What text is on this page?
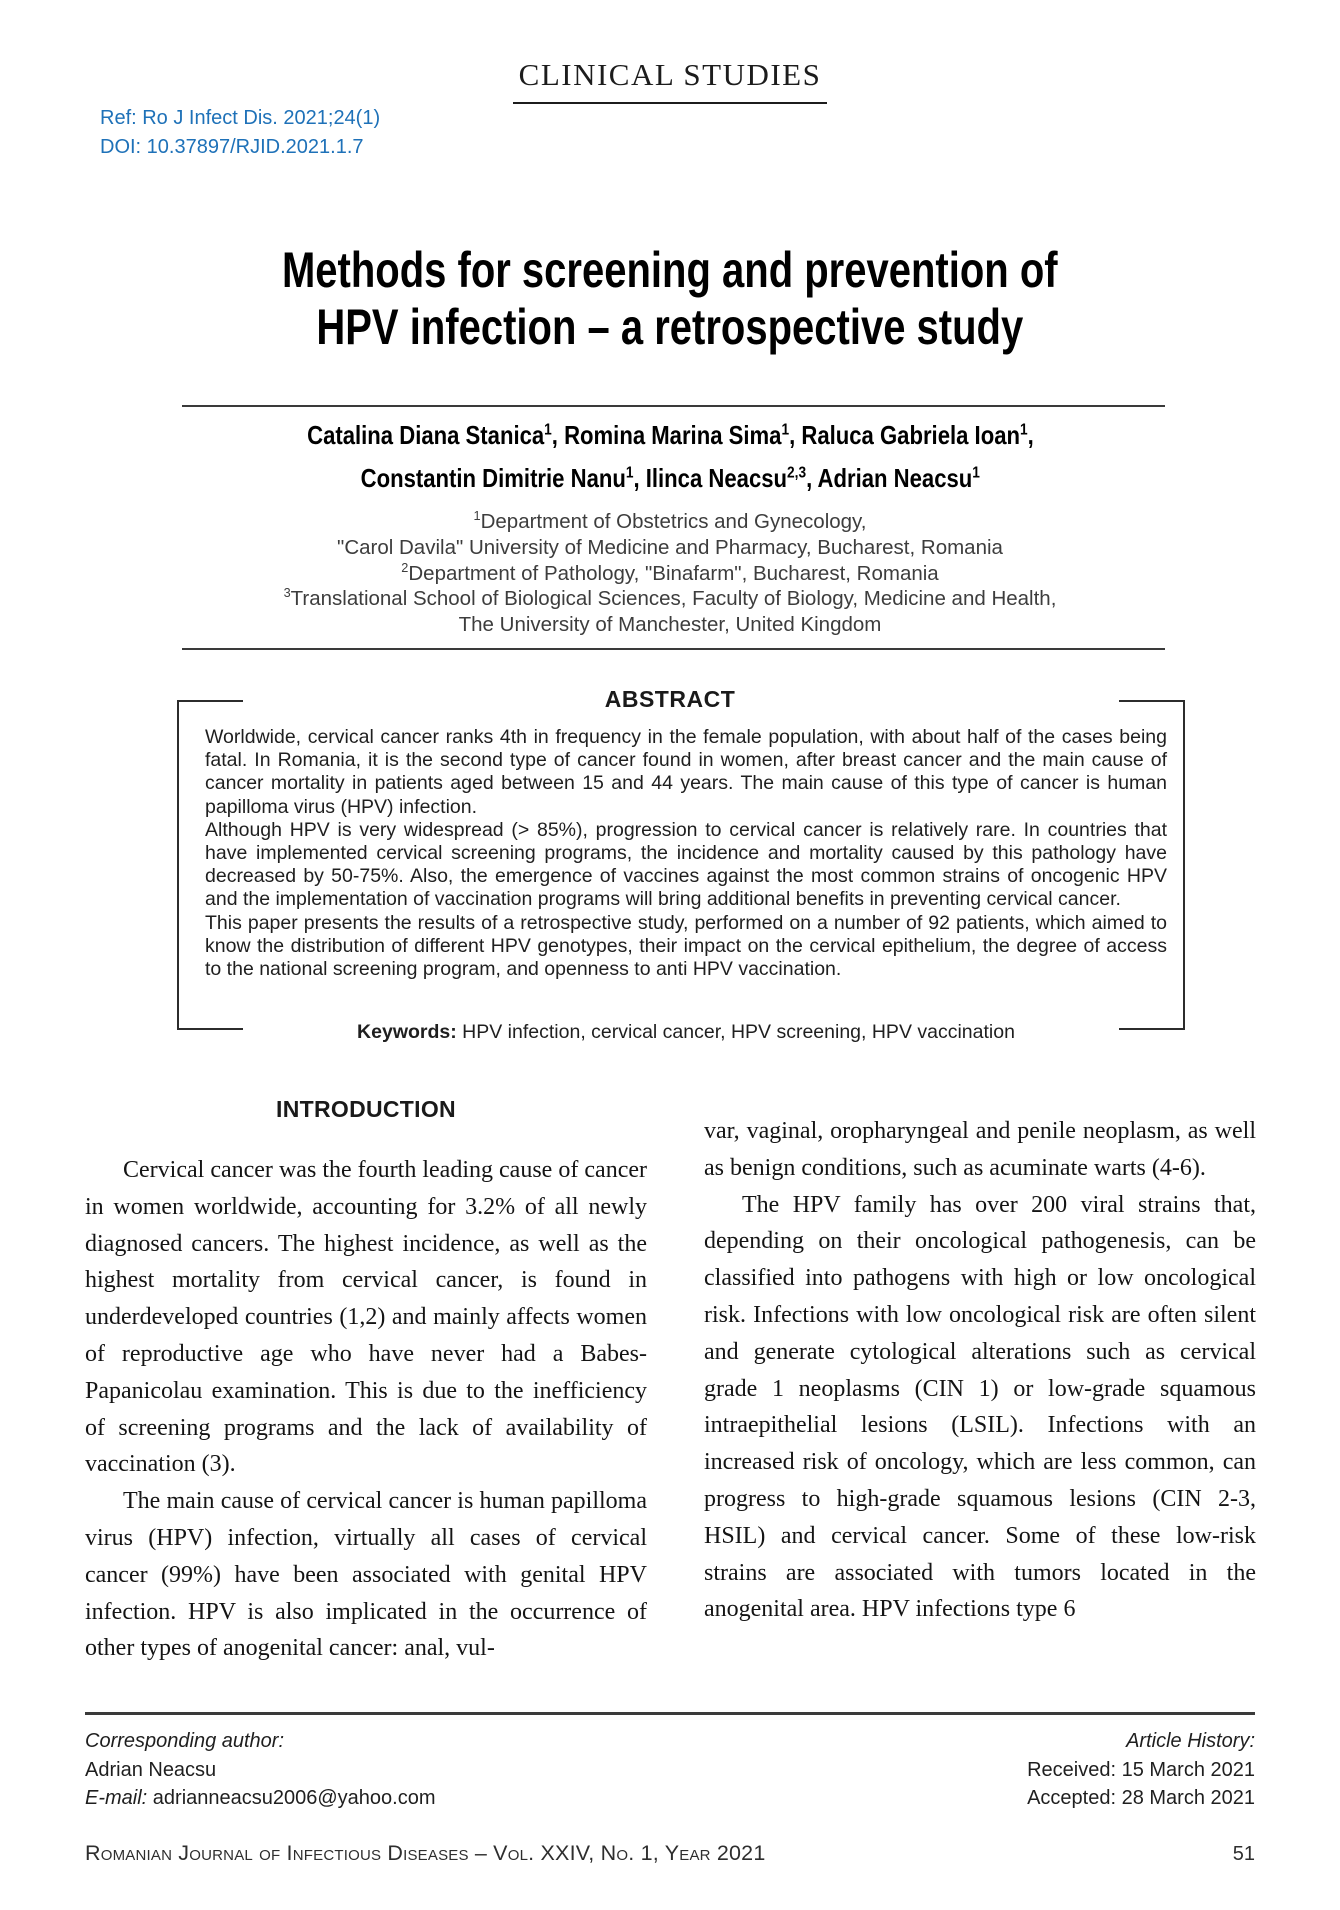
CLINICAL STUDIES
Ref: Ro J Infect Dis. 2021;24(1)
DOI: 10.37897/RJID.2021.1.7
Methods for screening and prevention of
HPV infection – a retrospective study
Catalina Diana Stanica$^1$, Romina Marina Sima$^1$, Raluca Gabriela Ioan$^1$,
Constantin Dimitrie Nanu$^1$, Ilinca Neacsu$^{2,3}$, Adrian Neacsu$^1$
$^1$Department of Obstetrics and Gynecology,
"Carol Davila" University of Medicine and Pharmacy, Bucharest, Romania
$^2$Department of Pathology, "Binafarm", Bucharest, Romania
$^3$Translational School of Biological Sciences, Faculty of Biology, Medicine and Health,
The University of Manchester, United Kingdom
ABSTRACT

Worldwide, cervical cancer ranks 4th in frequency in the female population, with about half of the cases being fatal. In Romania, it is the second type of cancer found in women, after breast cancer and the main cause of cancer mortality in patients aged between 15 and 44 years. The main cause of this type of cancer is human papilloma virus (HPV) infection.

Although HPV is very widespread (> 85%), progression to cervical cancer is relatively rare. In countries that have implemented cervical screening programs, the incidence and mortality caused by this pathology have decreased by 50-75%. Also, the emergence of vaccines against the most common strains of oncogenic HPV and the implementation of vaccination programs will bring additional benefits in preventing cervical cancer.

This paper presents the results of a retrospective study, performed on a number of 92 patients, which aimed to know the distribution of different HPV genotypes, their impact on the cervical epithelium, the degree of access to the national screening program, and openness to anti HPV vaccination.

Keywords: HPV infection, cervical cancer, HPV screening, HPV vaccination
INTRODUCTION

Cervical cancer was the fourth leading cause of cancer in women worldwide, accounting for 3.2% of all newly diagnosed cancers. The highest incidence, as well as the highest mortality from cervical cancer, is found in underdeveloped countries (1,2) and mainly affects women of reproductive age who have never had a Babes-Papanicolau examination. This is due to the inefficiency of screening programs and the lack of availability of vaccination (3).

The main cause of cervical cancer is human papilloma virus (HPV) infection, virtually all cases of cervical cancer (99%) have been associated with genital HPV infection. HPV is also implicated in the occurrence of other types of anogenital cancer: anal, vul-

var, vaginal, oropharyngeal and penile neoplasm, as well as benign conditions, such as acuminate warts (4-6).

The HPV family has over 200 viral strains that, depending on their oncological pathogenesis, can be classified into pathogens with high or low oncological risk. Infections with low oncological risk are often silent and generate cytological alterations such as cervical grade 1 neoplasms (CIN 1) or low-grade squamous intraepithelial lesions (LSIL). Infections with an increased risk of oncology, which are less common, can progress to high-grade squamous lesions (CIN 2-3, HSIL) and cervical cancer. Some of these low-risk strains are associated with tumors located in the anogenital area. HPV infections type 6

Corresponding author:
Adrian Neacsu
E-mail: adrianneacsu2006@yahoo.com
Article History:
Received: 15 March 2021
Accepted: 28 March 2021
Romanian Journal of Infectious Diseases – Vol. XXIV, No. 1, Year 2021	51
